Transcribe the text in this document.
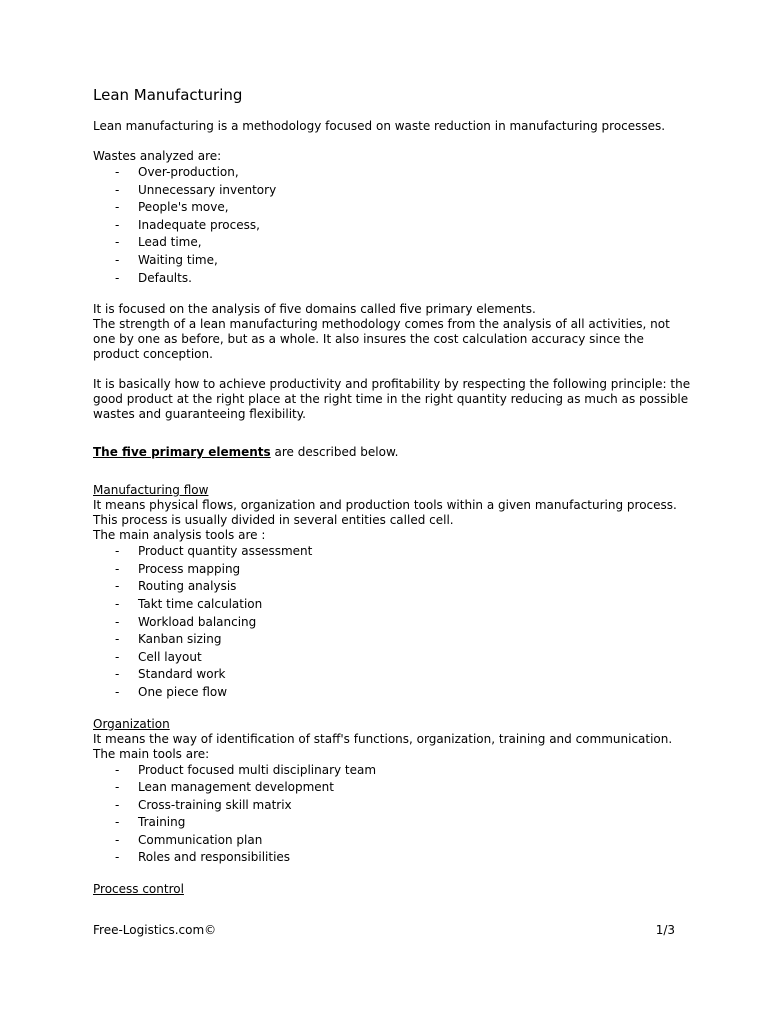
Lean Manufacturing

Lean manufacturing is a methodology focused on waste reduction in manufacturing processes.

Wastes analyzed are:

- Over-production,
- Unnecessary inventory
- People's move,
- Inadequate process,
- Lead time,
- Waiting time,
- Defaults.

It is focused on the analysis of five domains called five primary elements.

The strength of a lean manufacturing methodology comes from the analysis of all activities, not one by one as before, but as a whole. It also insures the cost calculation accuracy since the product conception.

It is basically how to achieve productivity and profitability by respecting the following principle: the good product at the right place at the right time in the right quantity reducing as much as possible wastes and guaranteeing flexibility.

The five primary elements are described below.

Manufacturing flow

It means physical flows, organization and production tools within a given manufacturing process.

This process is usually divided in several entities called cell.

The main analysis tools are :

- Product quantity assessment
- Process mapping
- Routing analysis
- Takt time calculation
- Workload balancing
- Kanban sizing
- Cell layout
- Standard work
- One piece flow

Organization

It means the way of identification of staff's functions, organization, training and communication.

The main tools are:

- Product focused multi disciplinary team
- Lean management development
- Cross-training skill matrix
- Training
- Communication plan
- Roles and responsibilities

Process control

Free-Logistics.com©	1/3
